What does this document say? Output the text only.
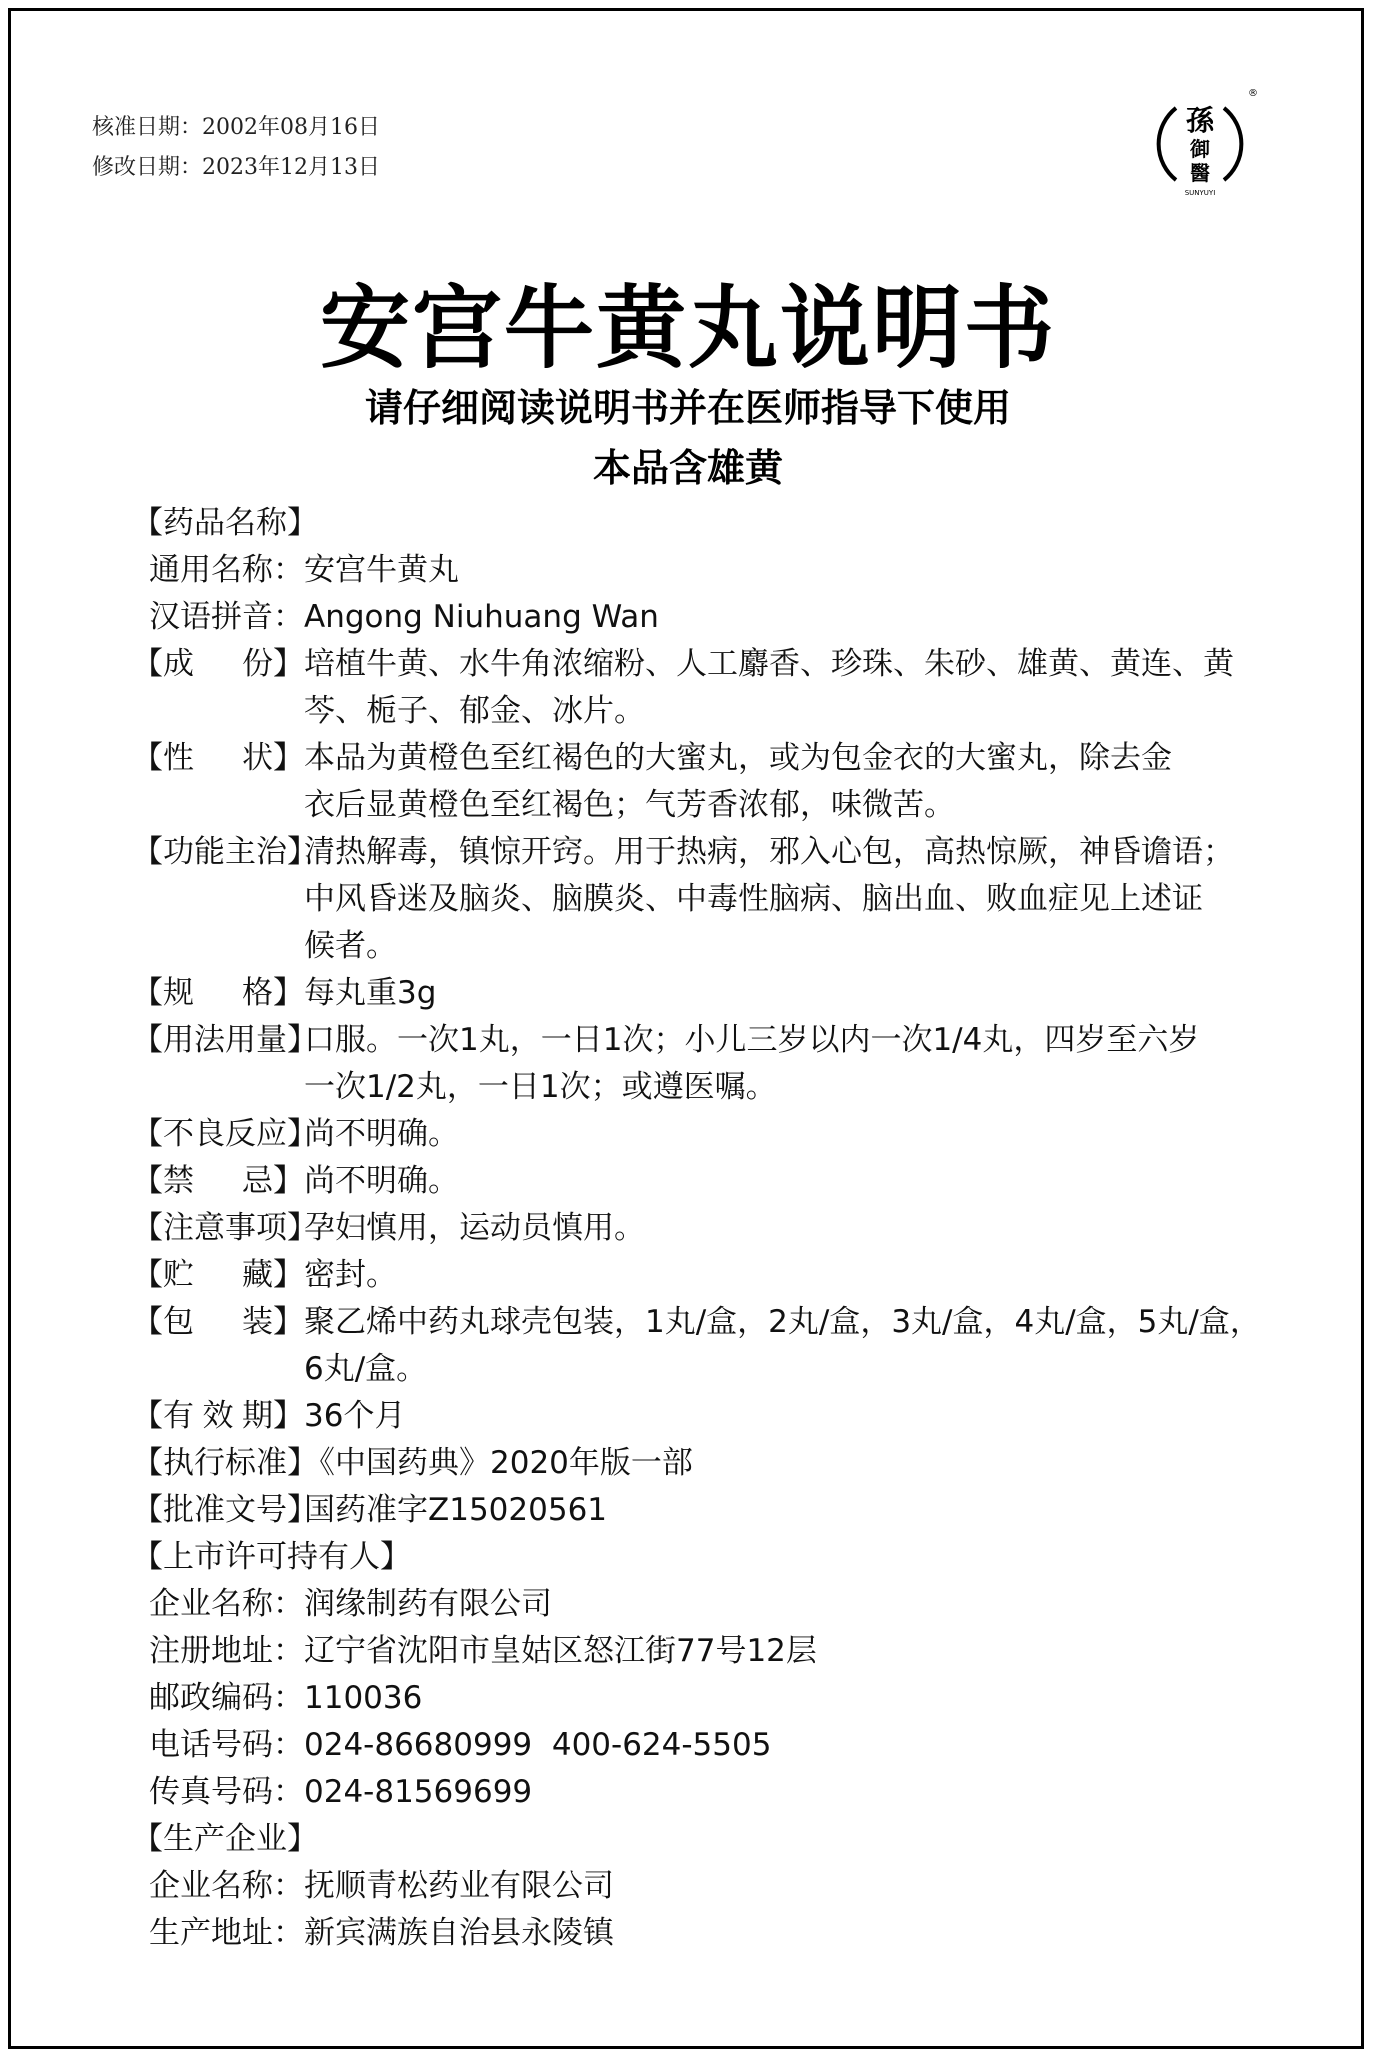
核准日期：2002年08月16日
修改日期：2023年12月13日
孫
御
醫
SUNYUYI
®
安宫牛黄丸说明书
请仔细阅读说明书并在医师指导下使用
本品含雄黄
【药品名称】
通用名称： 安宫牛黄丸
汉语拼音： Angong Niuhuang Wan
【成 份】 培植牛黄、水牛角浓缩粉、人工麝香、珍珠、朱砂、雄黄、黄连、黄

芩、栀子、郁金、冰片。

【性 状】 本品为黄橙色至红褐色的大蜜丸，或为包金衣的大蜜丸，除去金

衣后显黄橙色至红褐色；气芳香浓郁，味微苦。

【功能主治】

清热解毒，镇惊开窍。用于热病，邪入心包，高热惊厥，神昏谵语；

中风昏迷及脑炎、脑膜炎、中毒性脑病、脑出血、败血症见上述证

候者。

【规 格】 每丸重3g
【用法用量】

口服。一次1丸，一日1次；小儿三岁以内一次1/4丸，四岁至六岁

一次1/2丸，一日1次；或遵医嘱。

【不良反应】
尚不明确。
【禁 忌】 尚不明确。
【注意事项】
孕妇慎用，运动员慎用。
【贮 藏】 密封。
【包 装】 聚乙烯中药丸球壳包装，1丸/盒，2丸/盒，3丸/盒，4丸/盒，5丸/盒，

6丸/盒。

【有 效 期】 36个月
【执行标准】
《中国药典》2020年版一部
【批准文号】
国药准字Z15020561
【上市许可持有人】
企业名称： 润缘制药有限公司
注册地址： 辽宁省沈阳市皇姑区怒江街77号12层
邮政编码： 110036
电话号码： 024-86680999  400-624-5505
传真号码： 024-81569699
【生产企业】
企业名称： 抚顺青松药业有限公司
生产地址： 新宾满族自治县永陵镇
